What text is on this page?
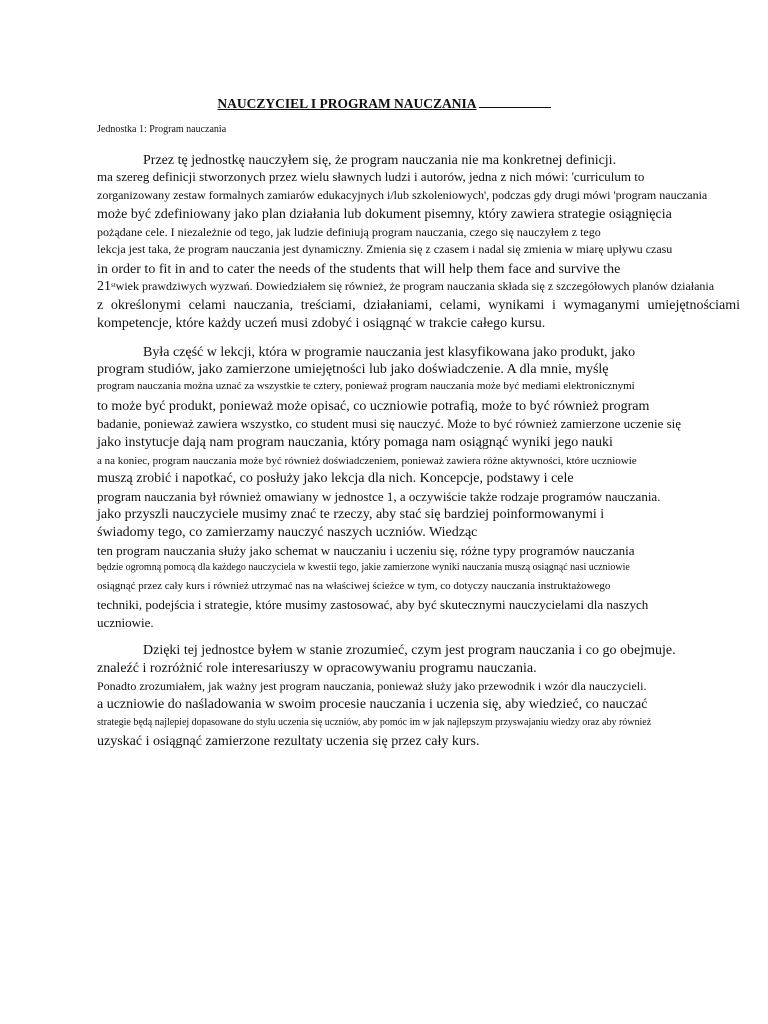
NAUCZYCIEL I PROGRAM NAUCZANIA
Jednostka 1: Program nauczania
Przez tę jednostkę nauczyłem się, że program nauczania nie ma konkretnej definicji.
ma szereg definicji stworzonych przez wielu sławnych ludzi i autorów, jedna z nich mówi: 'curriculum to
zorganizowany zestaw formalnych zamiarów edukacyjnych i/lub szkoleniowych', podczas gdy drugi mówi 'program nauczania
może być zdefiniowany jako plan działania lub dokument pisemny, który zawiera strategie osiągnięcia
pożądane cele. I niezależnie od tego, jak ludzie definiują program nauczania, czego się nauczyłem z tego
lekcja jest taka, że program nauczania jest dynamiczny. Zmienia się z czasem i nadal się zmienia w miarę upływu czasu
in order to fit in and to cater the needs of the students that will help them face and survive the
21stwiek prawdziwych wyzwań. Dowiedziałem się również, że program nauczania składa się z szczegółowych planów działania
z określonymi celami nauczania, treściami, działaniami, celami, wynikami i wymaganymi umiejętnościami
kompetencje, które każdy uczeń musi zdobyć i osiągnąć w trakcie całego kursu.
Była część w lekcji, która w programie nauczania jest klasyfikowana jako produkt, jako
program studiów, jako zamierzone umiejętności lub jako doświadczenie. A dla mnie, myślę
program nauczania można uznać za wszystkie te cztery, ponieważ program nauczania może być mediami elektronicznymi
to może być produkt, ponieważ może opisać, co uczniowie potrafią, może to być również program
badanie, ponieważ zawiera wszystko, co student musi się nauczyć. Może to być również zamierzone uczenie się
jako instytucje dają nam program nauczania, który pomaga nam osiągnąć wyniki jego nauki
a na koniec, program nauczania może być również doświadczeniem, ponieważ zawiera różne aktywności, które uczniowie
muszą zrobić i napotkać, co posłuży jako lekcja dla nich. Koncepcje, podstawy i cele
program nauczania był również omawiany w jednostce 1, a oczywiście także rodzaje programów nauczania.
jako przyszli nauczyciele musimy znać te rzeczy, aby stać się bardziej poinformowanymi i
świadomy tego, co zamierzamy nauczyć naszych uczniów. Wiedząc
ten program nauczania służy jako schemat w nauczaniu i uczeniu się, różne typy programów nauczania
będzie ogromną pomocą dla każdego nauczyciela w kwestii tego, jakie zamierzone wyniki nauczania muszą osiągnąć nasi uczniowie
osiągnąć przez cały kurs i również utrzymać nas na właściwej ścieżce w tym, co dotyczy nauczania instruktażowego
techniki, podejścia i strategie, które musimy zastosować, aby być skutecznymi nauczycielami dla naszych
uczniowie.
Dzięki tej jednostce byłem w stanie zrozumieć, czym jest program nauczania i co go obejmuje.
znaleźć i rozróżnić role interesariuszy w opracowywaniu programu nauczania.
Ponadto zrozumiałem, jak ważny jest program nauczania, ponieważ służy jako przewodnik i wzór dla nauczycieli.
a uczniowie do naśladowania w swoim procesie nauczania i uczenia się, aby wiedzieć, co nauczać
strategie będą najlepiej dopasowane do stylu uczenia się uczniów, aby pomóc im w jak najlepszym przyswajaniu wiedzy oraz aby również
uzyskać i osiągnąć zamierzone rezultaty uczenia się przez cały kurs.
